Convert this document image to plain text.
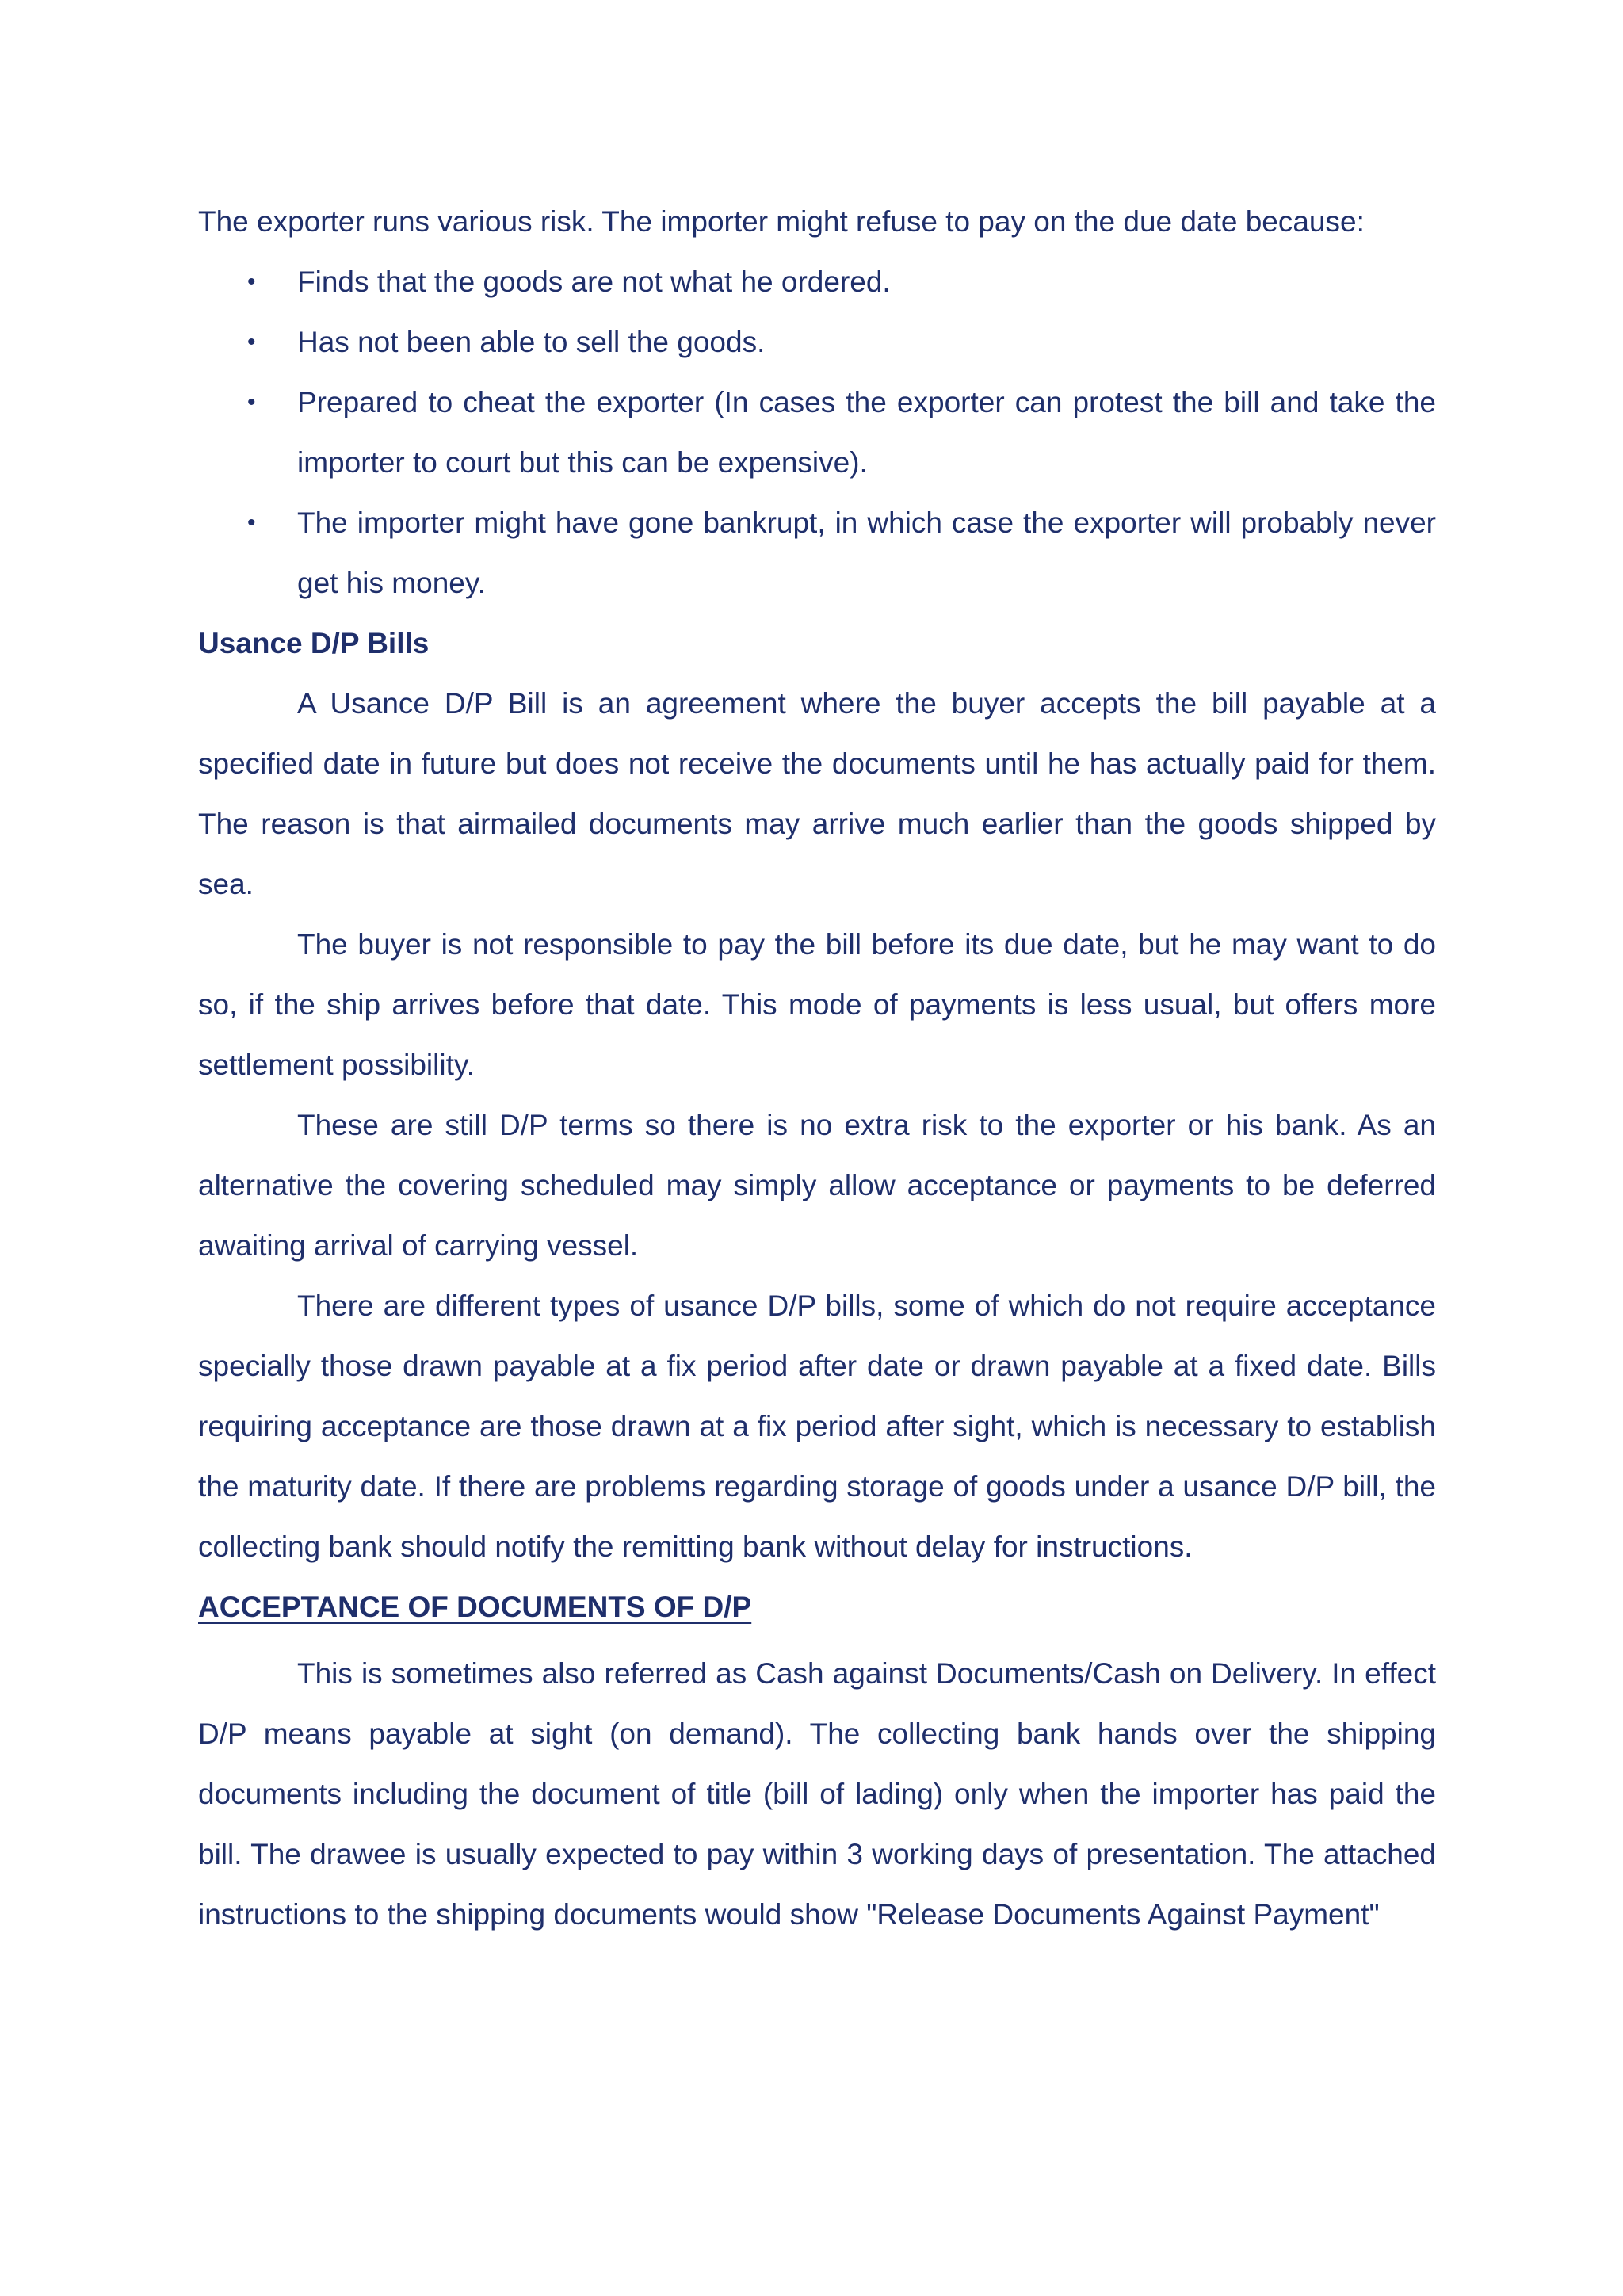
The exporter runs various risk. The importer might refuse to pay on the due date because:

• Finds that the goods are not what he ordered.
• Has not been able to sell the goods.
• Prepared to cheat the exporter (In cases the exporter can protest the bill and take the importer to court but this can be expensive).
• The importer might have gone bankrupt, in which case the exporter will probably never get his money.

Usance D/P Bills

A Usance D/P Bill is an agreement where the buyer accepts the bill payable at a specified date in future but does not receive the documents until he has actually paid for them. The reason is that airmailed documents may arrive much earlier than the goods shipped by sea.

The buyer is not responsible to pay the bill before its due date, but he may want to do so, if the ship arrives before that date. This mode of payments is less usual, but offers more settlement possibility.

These are still D/P terms so there is no extra risk to the exporter or his bank. As an alternative the covering scheduled may simply allow acceptance or payments to be deferred awaiting arrival of carrying vessel.

There are different types of usance D/P bills, some of which do not require acceptance specially those drawn payable at a fix period after date or drawn payable at a fixed date. Bills requiring acceptance are those drawn at a fix period after sight, which is necessary to establish the maturity date. If there are problems regarding storage of goods under a usance D/P bill, the collecting bank should notify the remitting bank without delay for instructions.

ACCEPTANCE OF DOCUMENTS OF D/P

This is sometimes also referred as Cash against Documents/Cash on Delivery. In effect D/P means payable at sight (on demand). The collecting bank hands over the shipping documents including the document of title (bill of lading) only when the importer has paid the bill. The drawee is usually expected to pay within 3 working days of presentation. The attached instructions to the shipping documents would show "Release Documents Against Payment"
